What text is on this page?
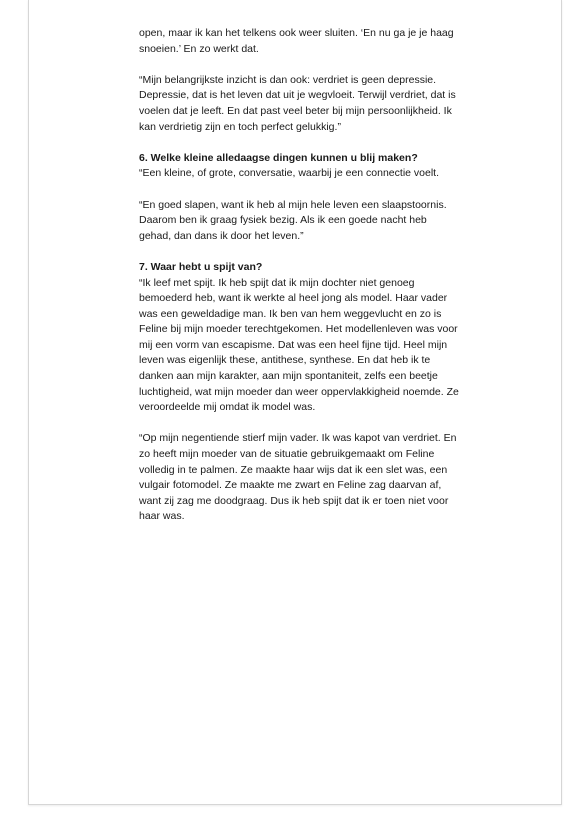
open, maar ik kan het telkens ook weer sluiten. ‘En nu ga je je haag snoeien.’ En zo werkt dat.

“Mijn belangrijkste inzicht is dan ook: verdriet is geen depressie. Depressie, dat is het leven dat uit je wegvloeit. Terwijl verdriet, dat is voelen dat je leeft. En dat past veel beter bij mijn persoonlijkheid. Ik kan verdrietig zijn en toch perfect gelukkig.”

6. Welke kleine alledaagse dingen kunnen u blij maken?

“Een kleine, of grote, conversatie, waarbij je een connectie voelt.

“En goed slapen, want ik heb al mijn hele leven een slaapstoornis. Daarom ben ik graag fysiek bezig. Als ik een goede nacht heb gehad, dan dans ik door het leven.”

7. Waar hebt u spijt van?

“Ik leef met spijt. Ik heb spijt dat ik mijn dochter niet genoeg bemoederd heb, want ik werkte al heel jong als model. Haar vader was een geweldadige man. Ik ben van hem weggevlucht en zo is Feline bij mijn moeder terechtgekomen. Het modellenleven was voor mij een vorm van escapisme. Dat was een heel fijne tijd. Heel mijn leven was eigenlijk these, antithese, synthese. En dat heb ik te danken aan mijn karakter, aan mijn spontaniteit, zelfs een beetje luchtigheid, wat mijn moeder dan weer oppervlakkigheid noemde. Ze veroordeelde mij omdat ik model was.

“Op mijn negentiende stierf mijn vader. Ik was kapot van verdriet. En zo heeft mijn moeder van de situatie gebruikgemaakt om Feline volledig in te palmen. Ze maakte haar wijs dat ik een slet was, een vulgair fotomodel. Ze maakte me zwart en Feline zag daarvan af, want zij zag me doodgraag. Dus ik heb spijt dat ik er toen niet voor haar was.
